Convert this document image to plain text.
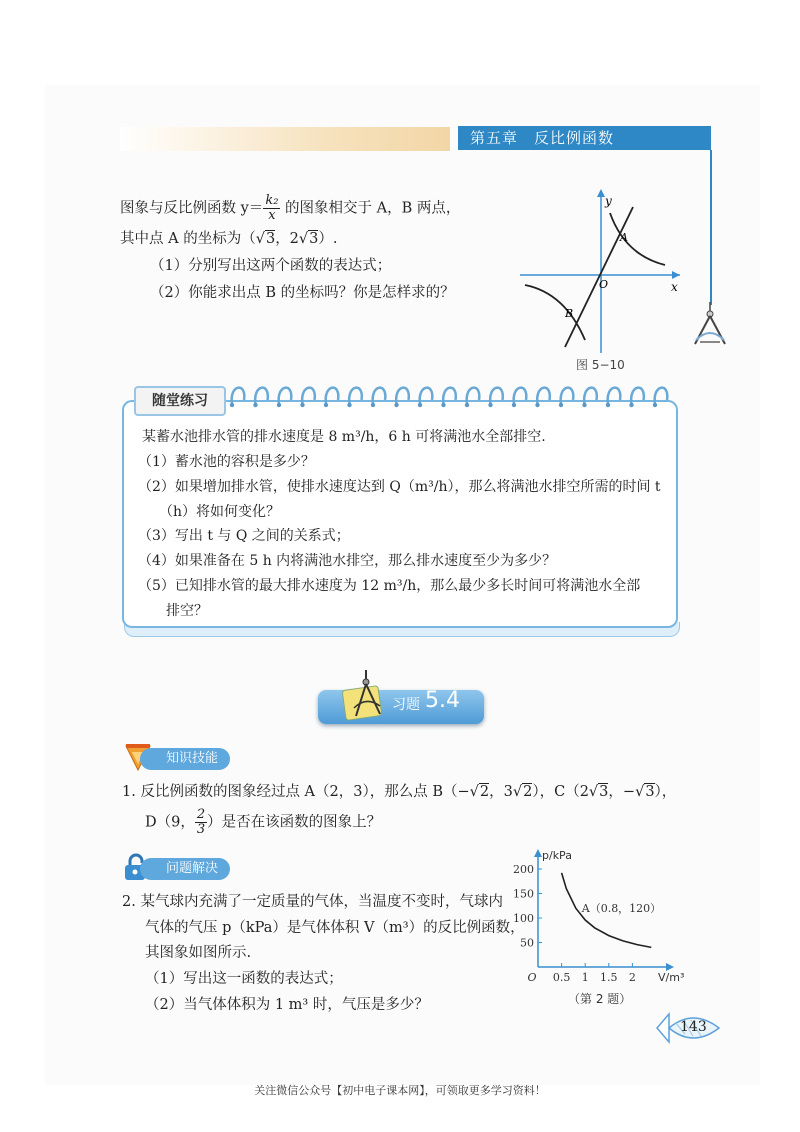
第五章　反比例函数

图象与反比例函数 $y= \frac{\text{k₂}}{x}$ 的图象相交于 A，B 两点，

其中点 A 的坐标为（√3，2√3）.

（1）分别写出这两个函数的表达式；

（2）你能求出点 B 的坐标吗？你是怎样求的？

y
x
O
A
B
图 5−10
随堂练习

某蓄水池排水管的排水速度是 8 m³/h，6 h 可将满池水全部排空.

（1）蓄水池的容积是多少？

（2）如果增加排水管，使排水速度达到 Q（m³/h），那么将满池水排空所需的时间 t

　（h）将如何变化？

（3）写出 t 与 Q 之间的关系式；

（4）如果准备在 5 h 内将满池水排空，那么排水速度至少为多少？

（5）已知排水管的最大排水速度为 12 m³/h，那么最少多长时间可将满池水全部

　排空？

习题 5.4
知识技能

1. 反比例函数的图象经过点 A（2，3），那么点 B（−√2，3√2），C（2√3，−√3），

D（9， $\frac{2}{3}$ ）是否在该函数的图象上？

问题解决

2. 某气球内充满了一定质量的气体，当温度不变时，气球内

气体的气压 p（kPa）是气体体积 V（m³）的反比例函数，

其图象如图所示.

（1）写出这一函数的表达式；

（2）当气体体积为 1 m³ 时，气压是多少？

50
100
150
200
0.5 1 1.5 2
O
p/kPa
V/m³
A（0.8，120）
（第 2 题）
143
关注微信公众号【初中电子课本网】，可领取更多学习资料！
